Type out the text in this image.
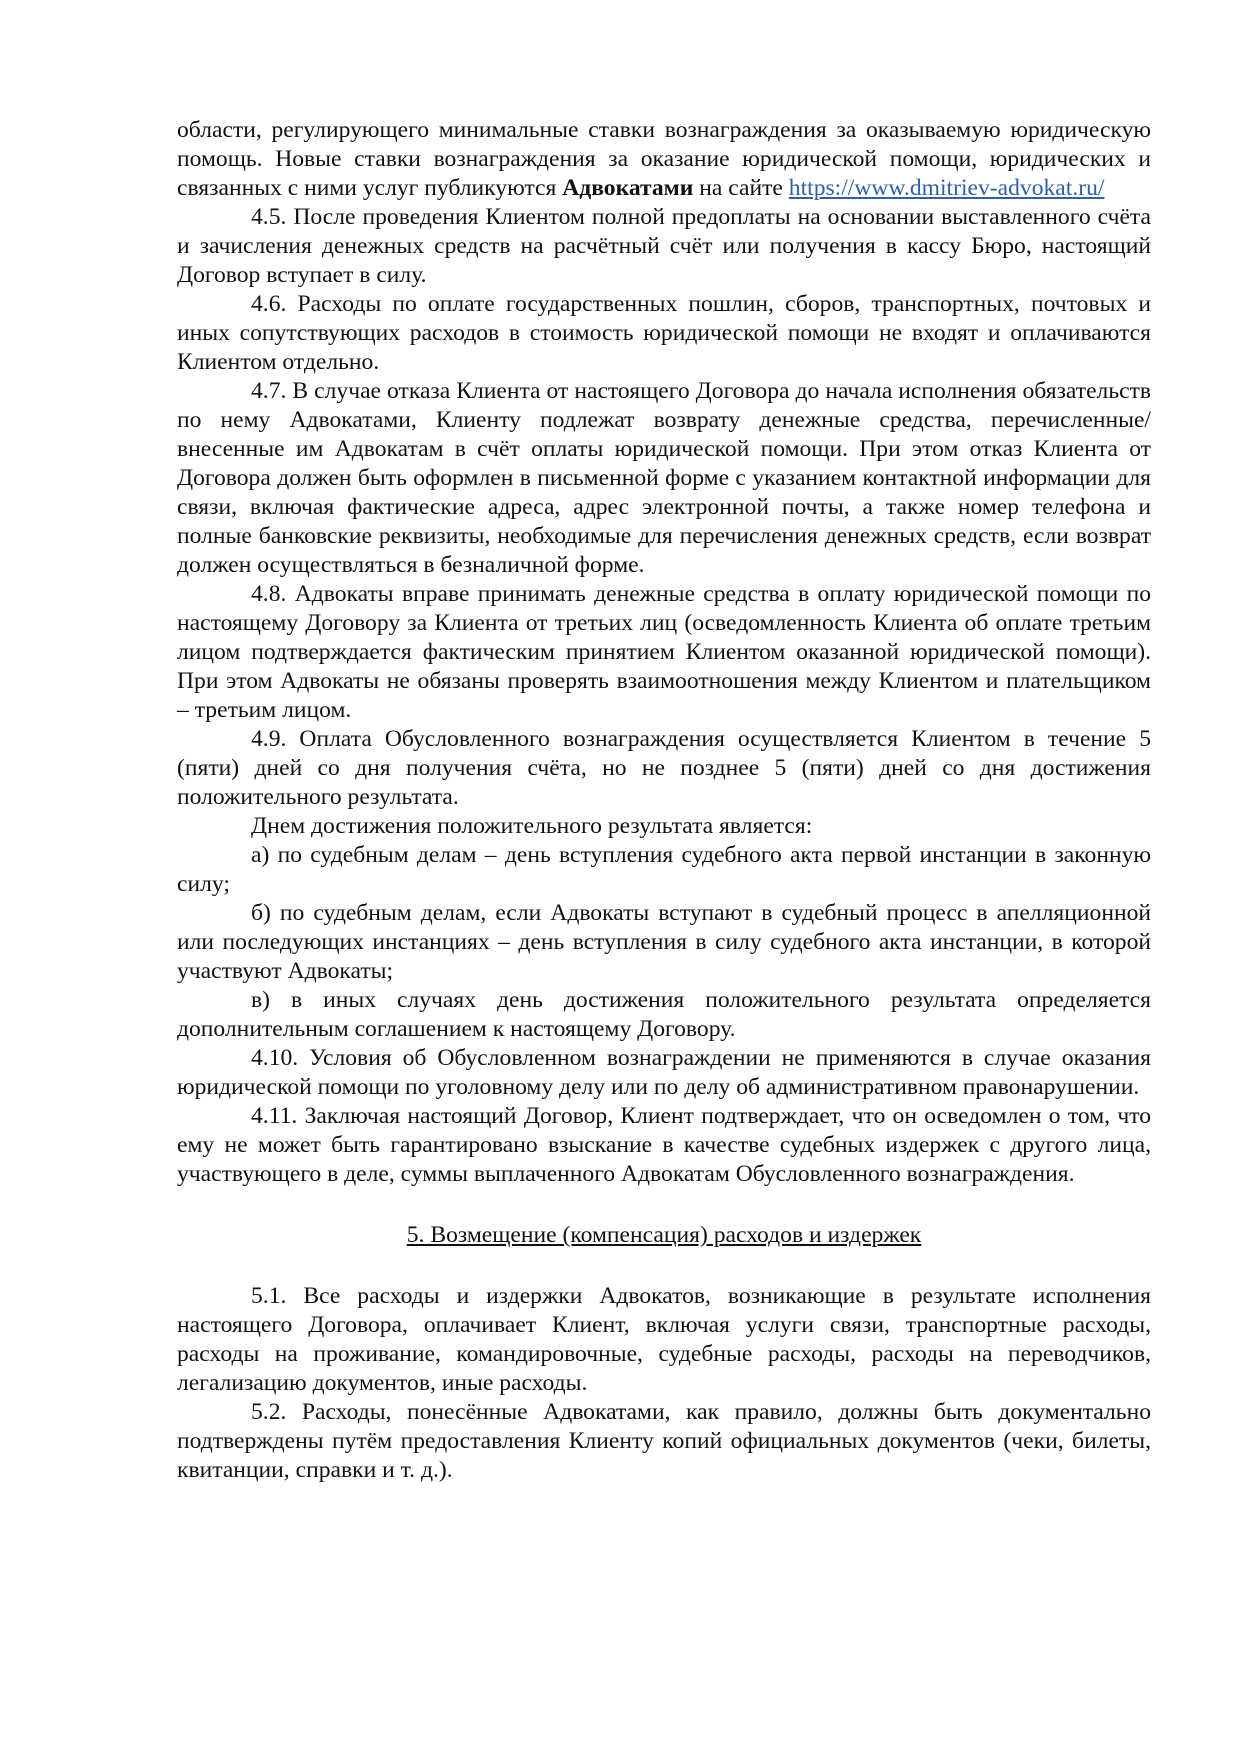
области, регулирующего минимальные ставки вознаграждения за оказываемую юридическую помощь. Новые ставки вознаграждения за оказание юридической помощи, юридических и связанных с ними услуг публикуются Адвокатами на сайте https://www.dmitriev-advokat.ru/

4.5. После проведения Клиентом полной предоплаты на основании выставленного счёта и зачисления денежных средств на расчётный счёт или получения в кассу Бюро, настоящий Договор вступает в силу.

4.6. Расходы по оплате государственных пошлин, сборов, транспортных, почтовых и иных сопутствующих расходов в стоимость юридической помощи не входят и оплачиваются Клиентом отдельно.

4.7. В случае отказа Клиента от настоящего Договора до начала исполнения обязательств по нему Адвокатами, Клиенту подлежат возврату денежные средства, перечисленные/внесенные им Адвокатам в счёт оплаты юридической помощи. При этом отказ Клиента от Договора должен быть оформлен в письменной форме с указанием контактной информации для связи, включая фактические адреса, адрес электронной почты, а также номер телефона и полные банковские реквизиты, необходимые для перечисления денежных средств, если возврат должен осуществляться в безналичной форме.

4.8. Адвокаты вправе принимать денежные средства в оплату юридической помощи по настоящему Договору за Клиента от третьих лиц (осведомленность Клиента об оплате третьим лицом подтверждается фактическим принятием Клиентом оказанной юридической помощи). При этом Адвокаты не обязаны проверять взаимоотношения между Клиентом и плательщиком – третьим лицом.

4.9. Оплата Обусловленного вознаграждения осуществляется Клиентом в течение 5 (пяти) дней со дня получения счёта, но не позднее 5 (пяти) дней со дня достижения положительного результата.

Днем достижения положительного результата является:

а) по судебным делам – день вступления судебного акта первой инстанции в законную силу;

б) по судебным делам, если Адвокаты вступают в судебный процесс в апелляционной или последующих инстанциях – день вступления в силу судебного акта инстанции, в которой участвуют Адвокаты;

в) в иных случаях день достижения положительного результата определяется дополнительным соглашением к настоящему Договору.

4.10. Условия об Обусловленном вознаграждении не применяются в случае оказания юридической помощи по уголовному делу или по делу об административном правонарушении.

4.11. Заключая настоящий Договор, Клиент подтверждает, что он осведомлен о том, что ему не может быть гарантировано взыскание в качестве судебных издержек с другого лица, участвующего в деле, суммы выплаченного Адвокатам Обусловленного вознаграждения.

5. Возмещение (компенсация) расходов и издержек

5.1. Все расходы и издержки Адвокатов, возникающие в результате исполнения настоящего Договора, оплачивает Клиент, включая услуги связи, транспортные расходы, расходы на проживание, командировочные, судебные расходы, расходы на переводчиков, легализацию документов, иные расходы.

5.2. Расходы, понесённые Адвокатами, как правило, должны быть документально подтверждены путём предоставления Клиенту копий официальных документов (чеки, билеты, квитанции, справки и т. д.).
